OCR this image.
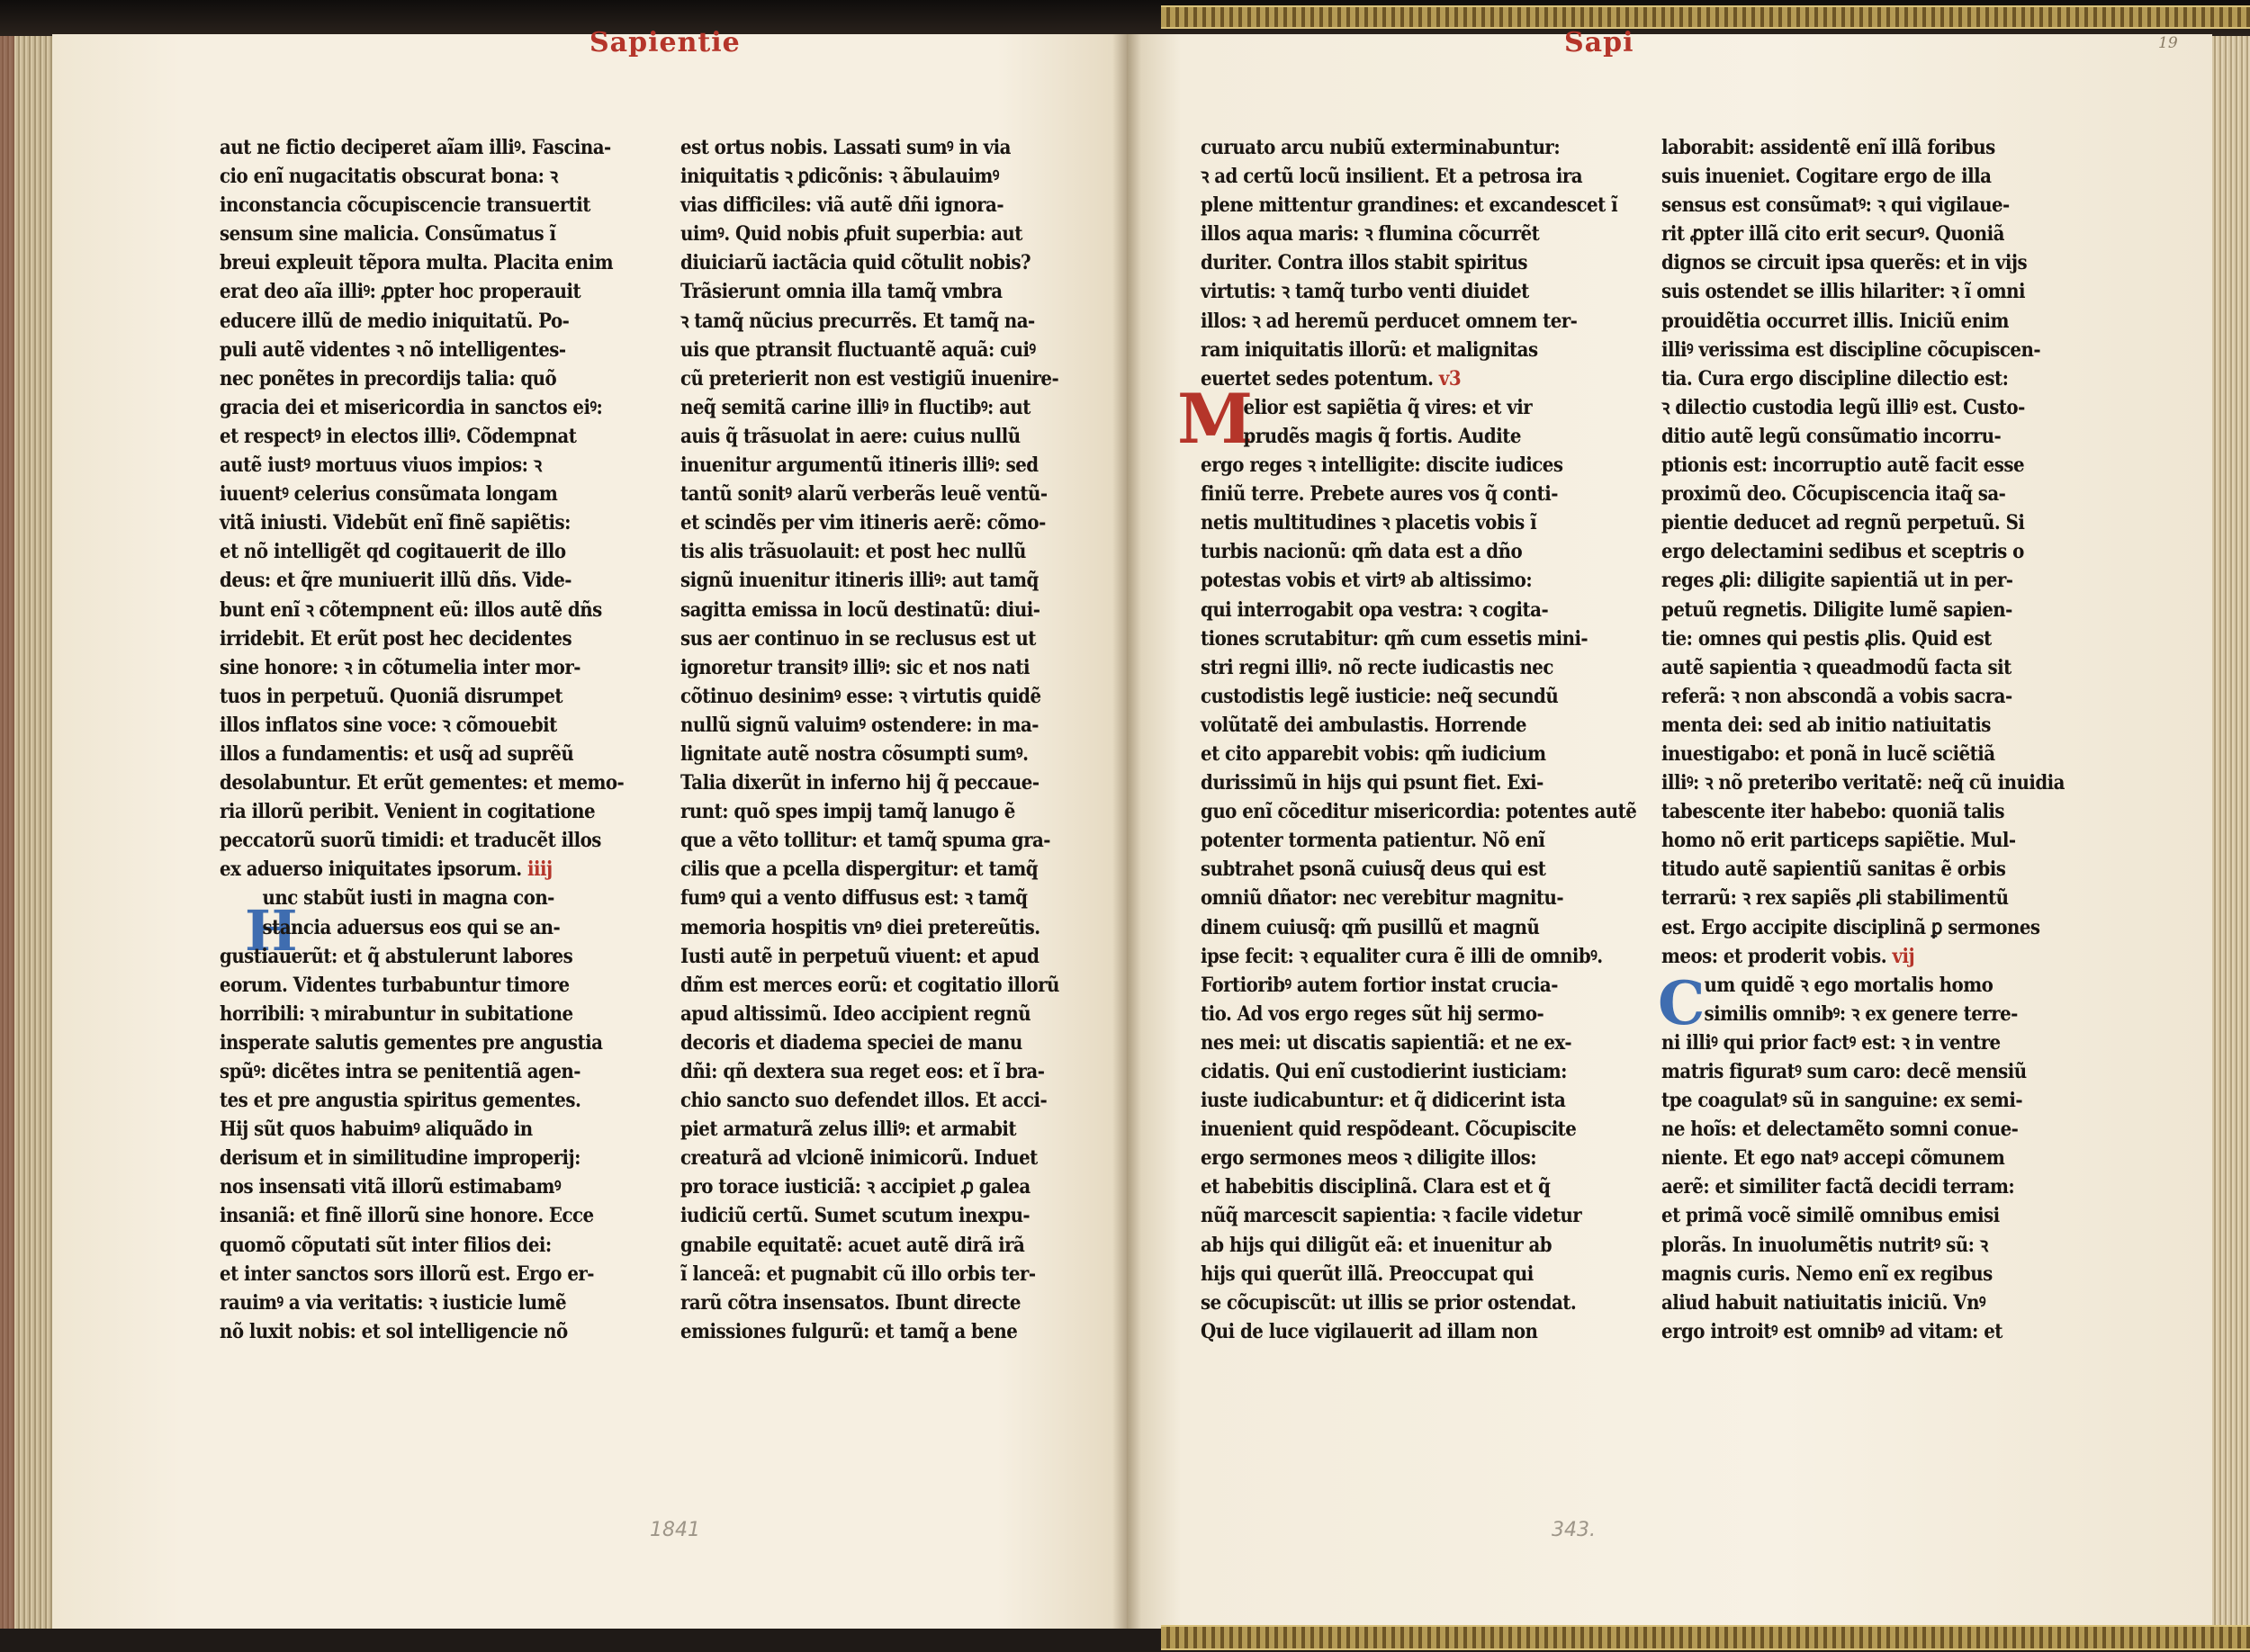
Sapientie	Sapi	19
1841	343.
H
M
C
aut ne fictio deciperet aĩam illiꝰ. Fascina-
cio enĩ nugacitatis obscurat bona: ꝛ
inconstancia cõcupiscencie transuertit
sensum sine malicia. Consũmatus ĩ
breui expleuit tẽpora multa. Placita enim
erat deo aĩa illiꝰ: ꝓpter hoc properauit
educere illũ de medio iniquitatũ. Po-
puli autẽ videntes ꝛ nõ intelligentes-
nec ponẽtes in precordijs talia: quõ
gracia dei et misericordia in sanctos eiꝰ:
et respectꝰ in electos illiꝰ. Cõdempnat
autẽ iustꝰ mortuus viuos impios: ꝛ
iuuentꝰ celerius consũmata longam
vitã iniusti. Videbũt enĩ finẽ sapiẽtis:
et nõ intelligẽt qd cogitauerit de illo
deus: et q̃re muniuerit illũ dñs. Vide-
bunt enĩ ꝛ cõtempnent eũ: illos autẽ dñs
irridebit. Et erũt post hec decidentes
sine honore: ꝛ in cõtumelia inter mor-
tuos in perpetuũ. Quoniã disrumpet
illos inflatos sine voce: ꝛ cõmouebit
illos a fundamentis: et usq̃ ad suprẽũ
desolabuntur. Et erũt gementes: et memo-
ria illorũ peribit. Venient in cogitatione
peccatorũ suorũ timidi: et traducẽt illos
ex aduerso iniquitates ipsorum. iiij
unc stabũt iusti in magna con-
stancia aduersus eos qui se an-
gustiauerũt: et q̃ abstulerunt labores
eorum. Videntes turbabuntur timore
horribili: ꝛ mirabuntur in subitatione
insperate salutis gementes pre angustia
spũꝰ: dicẽtes intra se penitentiã agen-
tes et pre angustia spiritus gementes.
Hij sũt quos habuimꝰ aliquãdo in
derisum et in similitudine improperij:
nos insensati vitã illorũ estimabamꝰ
insaniã: et finẽ illorũ sine honore. Ecce
quomõ cõputati sũt inter filios dei:
et inter sanctos sors illorũ est. Ergo er-
rauimꝰ a via veritatis: ꝛ iusticie lumẽ
nõ luxit nobis: et sol intelligencie nõ
est ortus nobis. Lassati sumꝰ in via
iniquitatis ꝛ ꝑdicõnis: ꝛ ãbulauimꝰ
vias difficiles: viã autẽ dñi ignora-
uimꝰ. Quid nobis ꝓfuit superbia: aut
diuiciarũ iactãcia quid cõtulit nobis?
Trãsierunt omnia illa tamq̃ vmbra
ꝛ tamq̃ nũcius precurrẽs. Et tamq̃ na-
uis que ptransit fluctuantẽ aquã: cuiꝰ
cũ preterierit non est vestigiũ inuenire-
neq̃ semitã carine illiꝰ in fluctibꝰ: aut
auis q̃ trãsuolat in aere: cuius nullũ
inuenitur argumentũ itineris illiꝰ: sed
tantũ sonitꝰ alarũ verberãs leuẽ ventũ-
et scindẽs per vim itineris aerẽ: cõmo-
tis alis trãsuolauit: et post hec nullũ
signũ inuenitur itineris illiꝰ: aut tamq̃
sagitta emissa in locũ destinatũ: diui-
sus aer continuo in se reclusus est ut
ignoretur transitꝰ illiꝰ: sic et nos nati
cõtinuo desinimꝰ esse: ꝛ virtutis quidẽ
nullũ signũ valuimꝰ ostendere: in ma-
lignitate autẽ nostra cõsumpti sumꝰ.
Talia dixerũt in inferno hij q̃ peccaue-
runt: quõ spes impij tamq̃ lanugo ẽ
que a vẽto tollitur: et tamq̃ spuma gra-
cilis que a pcella dispergitur: et tamq̃
fumꝰ qui a vento diffusus est: ꝛ tamq̃
memoria hospitis vnꝰ diei pretereũtis.
Iusti autẽ in perpetuũ viuent: et apud
dñm est merces eorũ: et cogitatio illorũ
apud altissimũ. Ideo accipient regnũ
decoris et diadema speciei de manu
dñi: qñ dextera sua reget eos: et ĩ bra-
chio sancto suo defendet illos. Et acci-
piet armaturã zelus illiꝰ: et armabit
creaturã ad vlcionẽ inimicorũ. Induet
pro torace iusticiã: ꝛ accipiet ꝓ galea
iudiciũ certũ. Sumet scutum inexpu-
gnabile equitatẽ: acuet autẽ dirã irã
ĩ lanceã: et pugnabit cũ illo orbis ter-
rarũ cõtra insensatos. Ibunt directe
emissiones fulgurũ: et tamq̃ a bene
curuato arcu nubiũ exterminabuntur:
ꝛ ad certũ locũ insilient. Et a petrosa ira
plene mittentur grandines: et excandescet ĩ
illos aqua maris: ꝛ flumina cõcurrẽt
duriter. Contra illos stabit spiritus
virtutis: ꝛ tamq̃ turbo venti diuidet
illos: ꝛ ad heremũ perducet omnem ter-
ram iniquitatis illorũ: et malignitas
euertet sedes potentum. v3
elior est sapiẽtia q̃ vires: et vir
prudẽs magis q̃ fortis. Audite
ergo reges ꝛ intelligite: discite iudices
finiũ terre. Prebete aures vos q̃ conti-
netis multitudines ꝛ placetis vobis ĩ
turbis nacionũ: qm̃ data est a dño
potestas vobis et virtꝰ ab altissimo:
qui interrogabit opa vestra: ꝛ cogita-
tiones scrutabitur: qm̃ cum essetis mini-
stri regni illiꝰ. nõ recte iudicastis nec
custodistis legẽ iusticie: neq̃ secundũ
volũtatẽ dei ambulastis. Horrende
et cito apparebit vobis: qm̃ iudicium
durissimũ in hijs qui psunt fiet. Exi-
guo enĩ cõceditur misericordia: potentes autẽ
potenter tormenta patientur. Nõ enĩ
subtrahet psonã cuiusq̃ deus qui est
omniũ dñator: nec verebitur magnitu-
dinem cuiusq̃: qm̃ pusillũ et magnũ
ipse fecit: ꝛ equaliter cura ẽ illi de omnibꝰ.
Fortioribꝰ autem fortior instat crucia-
tio. Ad vos ergo reges sũt hij sermo-
nes mei: ut discatis sapientiã: et ne ex-
cidatis. Qui enĩ custodierint iusticiam:
iuste iudicabuntur: et q̃ didicerint ista
inuenient quid respõdeant. Cõcupiscite
ergo sermones meos ꝛ diligite illos:
et habebitis disciplinã. Clara est et q̃
nũq̃ marcescit sapientia: ꝛ facile videtur
ab hijs qui diligũt eã: et inuenitur ab
hijs qui querũt illã. Preoccupat qui
se cõcupiscũt: ut illis se prior ostendat.
Qui de luce vigilauerit ad illam non
laborabit: assidentẽ enĩ illã foribus
suis inueniet. Cogitare ergo de illa
sensus est consũmatꝰ: ꝛ qui vigilaue-
rit ꝓpter illã cito erit securꝰ. Quoniã
dignos se circuit ipsa querẽs: et in vijs
suis ostendet se illis hilariter: ꝛ ĩ omni
prouidẽtia occurret illis. Iniciũ enim
illiꝰ verissima est discipline cõcupiscen-
tia. Cura ergo discipline dilectio est:
ꝛ dilectio custodia legũ illiꝰ est. Custo-
ditio autẽ legũ consũmatio incorru-
ptionis est: incorruptio autẽ facit esse
proximũ deo. Cõcupiscencia itaq̃ sa-
pientie deducet ad regnũ perpetuũ. Si
ergo delectamini sedibus et sceptris o
reges ꝓli: diligite sapientiã ut in per-
petuũ regnetis. Diligite lumẽ sapien-
tie: omnes qui pestis ꝓlis. Quid est
autẽ sapientia ꝛ queadmodũ facta sit
referã: ꝛ non abscondã a vobis sacra-
menta dei: sed ab initio natiuitatis
inuestigabo: et ponã in lucẽ sciẽtiã
illiꝰ: ꝛ nõ preteribo veritatẽ: neq̃ cũ inuidia
tabescente iter habebo: quoniã talis
homo nõ erit particeps sapiẽtie. Mul-
titudo autẽ sapientiũ sanitas ẽ orbis
terrarũ: ꝛ rex sapiẽs ꝓli stabilimentũ
est. Ergo accipite disciplinã ꝑ sermones
meos: et proderit vobis. vij
um quidẽ ꝛ ego mortalis homo
similis omnibꝰ: ꝛ ex genere terre-
ni illiꝰ qui prior factꝰ est: ꝛ in ventre
matris figuratꝰ sum caro: decẽ mensiũ
tpe coagulatꝰ sũ in sanguine: ex semi-
ne hoĩs: et delectamẽto somni conue-
niente. Et ego natꝰ accepi cõmunem
aerẽ: et similiter factã decidi terram:
et primã vocẽ similẽ omnibus emisi
plorãs. In inuolumẽtis nutritꝰ sũ: ꝛ
magnis curis. Nemo enĩ ex regibus
aliud habuit natiuitatis iniciũ. Vnꝰ
ergo introitꝰ est omnibꝰ ad vitam: et
